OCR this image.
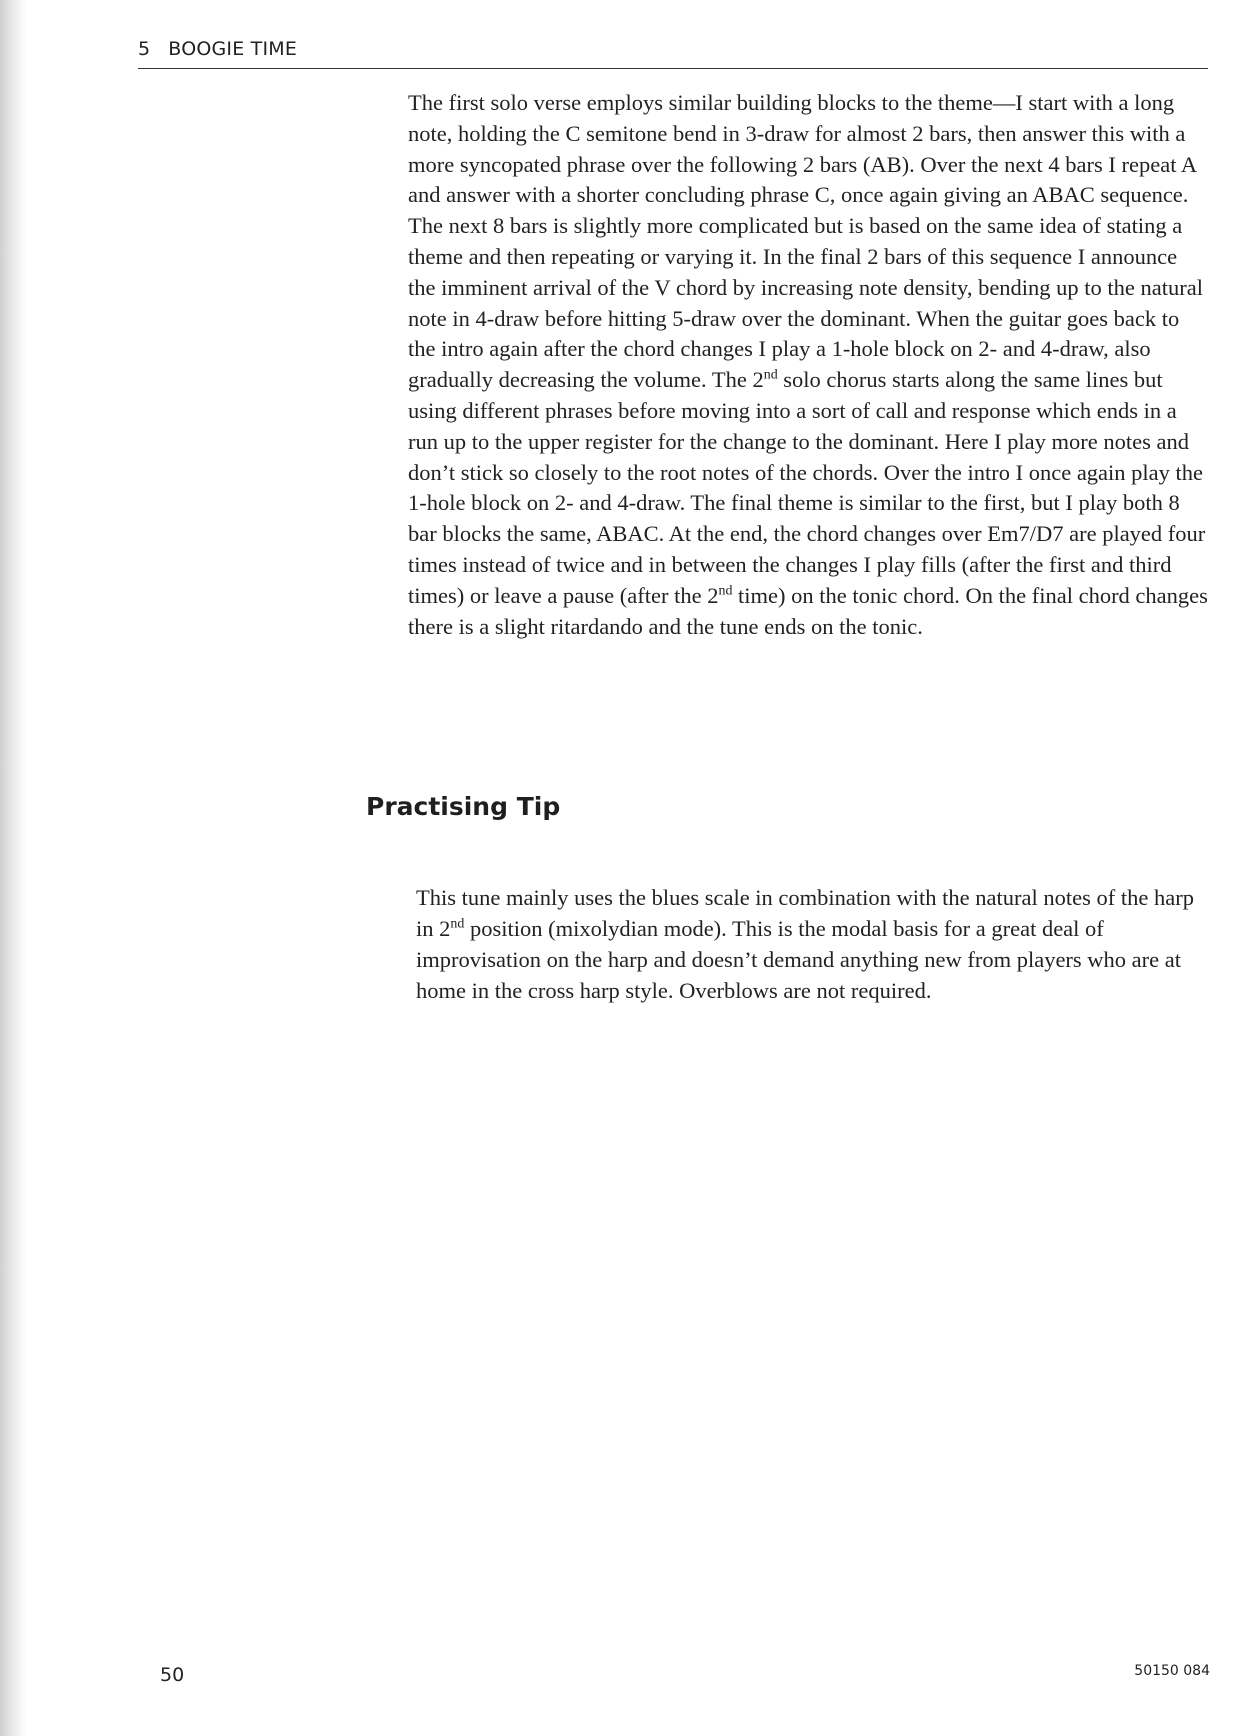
5 BOOGIE TIME

The first solo verse employs similar building blocks to the theme—I start with a long note, holding the C semitone bend in 3-draw for almost 2 bars, then answer this with a more syncopated phrase over the following 2 bars (AB). Over the next 4 bars I repeat A and answer with a shorter concluding phrase C, once again giving an ABAC sequence. The next 8 bars is slightly more complicated but is based on the same idea of stating a theme and then repeating or varying it. In the final 2 bars of this sequence I announce the imminent arrival of the V chord by increasing note density, bending up to the natural note in 4-draw before hitting 5-draw over the dominant. When the guitar goes back to the intro again after the chord changes I play a 1-hole block on 2- and 4-draw, also gradually decreasing the volume. The 2nd solo chorus starts along the same lines but using different phrases before moving into a sort of call and response which ends in a run up to the upper register for the change to the dominant. Here I play more notes and don’t stick so closely to the root notes of the chords. Over the intro I once again play the 1-hole block on 2- and 4-draw. The final theme is similar to the first, but I play both 8 bar blocks the same, ABAC. At the end, the chord changes over Em7/D7 are played four times instead of twice and in between the changes I play fills (after the first and third times) or leave a pause (after the 2nd time) on the tonic chord. On the final chord changes there is a slight ritardando and the tune ends on the tonic.

Practising Tip

This tune mainly uses the blues scale in combination with the natural notes of the harp in 2nd position (mixolydian mode). This is the modal basis for a great deal of improvisation on the harp and doesn’t demand anything new from players who are at home in the cross harp style. Overblows are not required.

50	50150 084
